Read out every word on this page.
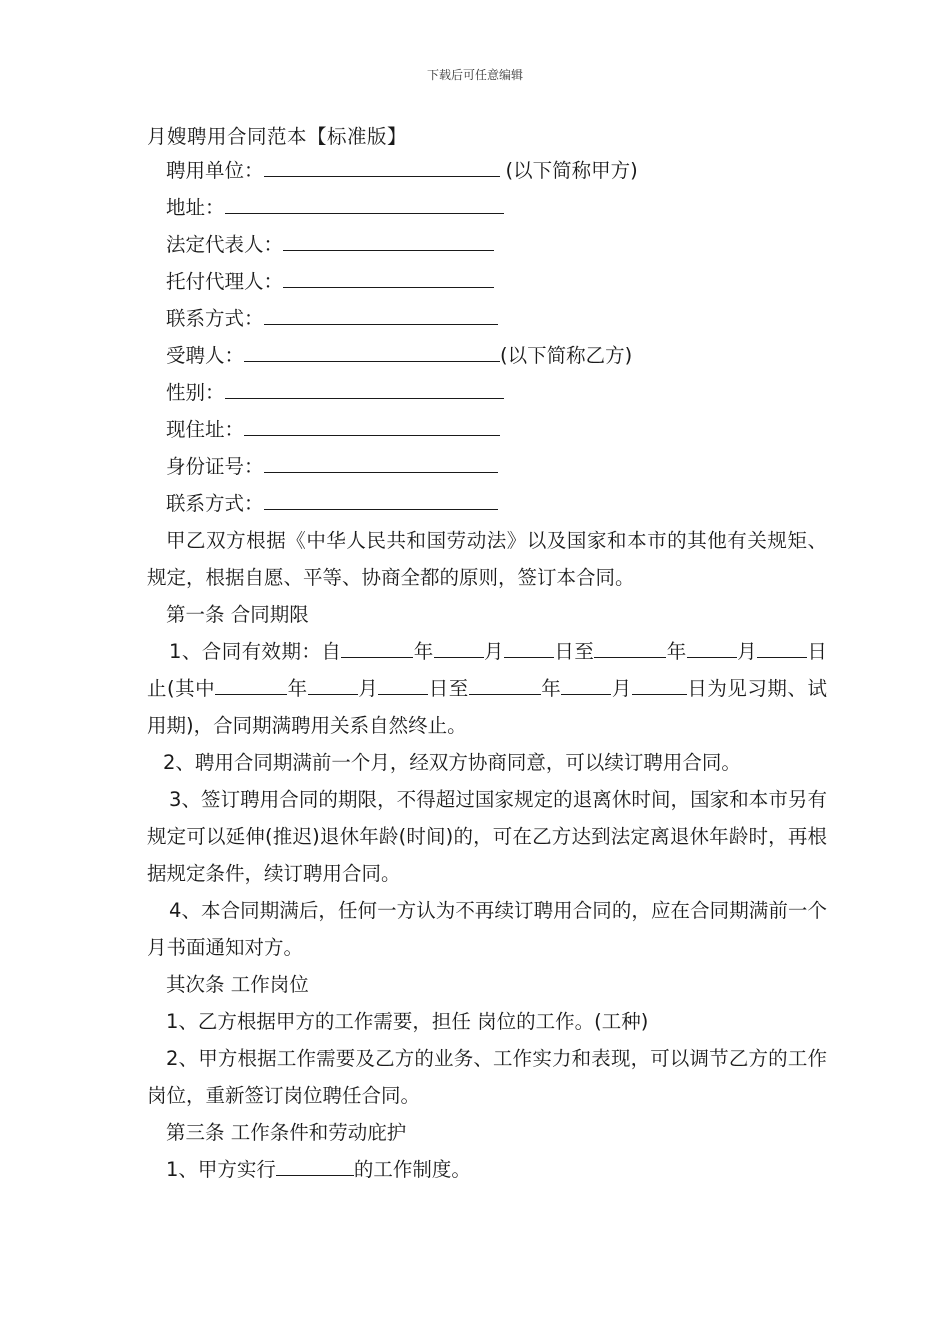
下载后可任意编辑
月嫂聘用合同范本【标准版】
聘用单位：	(以下简称甲方)
地址：
法定代表人：
托付代理人：
联系方式：
受聘人：	(以下简称乙方)
性别：
现住址：
身份证号：
联系方式：
甲乙双方根据《中华人民共和国劳动法》以及国家和本市的其他有关规矩、规定，根据自愿、平等、协商全都的原则，签订本合同。
第一条 合同期限
1、合同有效期：自	年	月	日至	年	月	日止(其中	年	月	日至	年	月	日为见习期、试用期)，合同期满聘用关系自然终止。
2、聘用合同期满前一个月，经双方协商同意，可以续订聘用合同。
3、签订聘用合同的期限，不得超过国家规定的退离休时间，国家和本市另有规定可以延伸(推迟)退休年龄(时间)的，可在乙方达到法定离退休年龄时，再根据规定条件，续订聘用合同。
4、本合同期满后，任何一方认为不再续订聘用合同的，应在合同期满前一个月书面通知对方。
其次条 工作岗位
1、乙方根据甲方的工作需要，担任 岗位的工作。(工种)
2、甲方根据工作需要及乙方的业务、工作实力和表现，可以调节乙方的工作岗位，重新签订岗位聘任合同。
第三条 工作条件和劳动庇护
1、甲方实行	的工作制度。
